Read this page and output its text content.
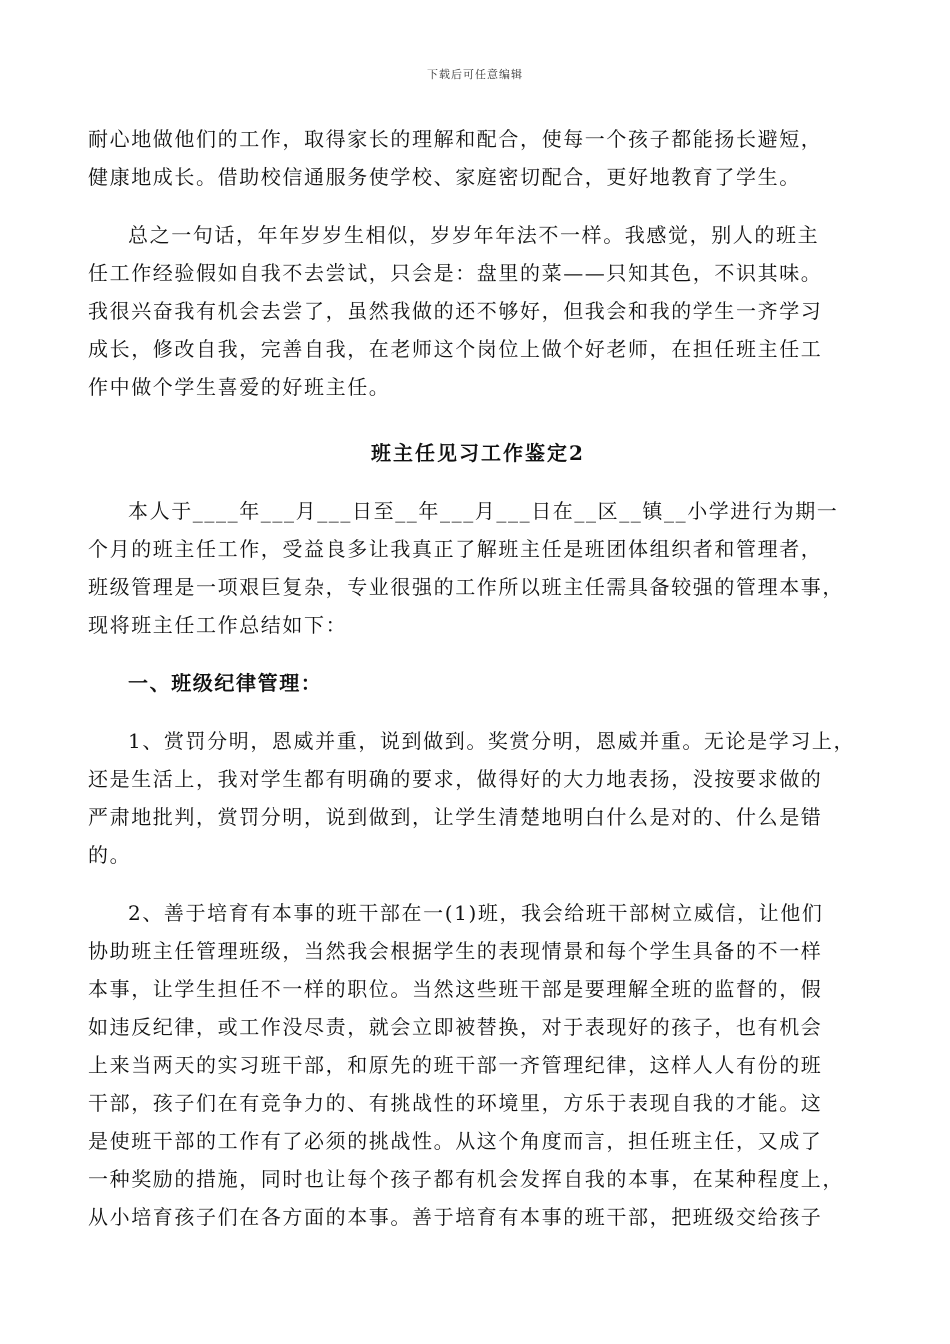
下载后可任意编辑

耐心地做他们的工作，取得家长的理解和配合，使每一个孩子都能扬长避短，
健康地成长。借助校信通服务使学校、家庭密切配合，更好地教育了学生。

总之一句话，年年岁岁生相似，岁岁年年法不一样。我感觉，别人的班主
任工作经验假如自我不去尝试，只会是：盘里的菜——只知其色，不识其味。
我很兴奋我有机会去尝了，虽然我做的还不够好，但我会和我的学生一齐学习
成长，修改自我，完善自我，在老师这个岗位上做个好老师，在担任班主任工
作中做个学生喜爱的好班主任。

班主任见习工作鉴定2

本人于____年___月___日至__年___月___日在__区__镇__小学进行为期一
个月的班主任工作，受益良多让我真正了解班主任是班团体组织者和管理者，
班级管理是一项艰巨复杂，专业很强的工作所以班主任需具备较强的管理本事，
现将班主任工作总结如下：

一、班级纪律管理：

1、赏罚分明，恩威并重，说到做到。奖赏分明，恩威并重。无论是学习上，
还是生活上，我对学生都有明确的要求，做得好的大力地表扬，没按要求做的
严肃地批判，赏罚分明，说到做到，让学生清楚地明白什么是对的、什么是错
的。

2、善于培育有本事的班干部在一(1)班，我会给班干部树立威信，让他们
协助班主任管理班级，当然我会根据学生的表现情景和每个学生具备的不一样
本事，让学生担任不一样的职位。当然这些班干部是要理解全班的监督的，假
如违反纪律，或工作没尽责，就会立即被替换，对于表现好的孩子，也有机会
上来当两天的实习班干部，和原先的班干部一齐管理纪律，这样人人有份的班
干部，孩子们在有竞争力的、有挑战性的环境里，方乐于表现自我的才能。这
是使班干部的工作有了必须的挑战性。从这个角度而言，担任班主任，又成了
一种奖励的措施，同时也让每个孩子都有机会发挥自我的本事，在某种程度上，
从小培育孩子们在各方面的本事。善于培育有本事的班干部，把班级交给孩子
